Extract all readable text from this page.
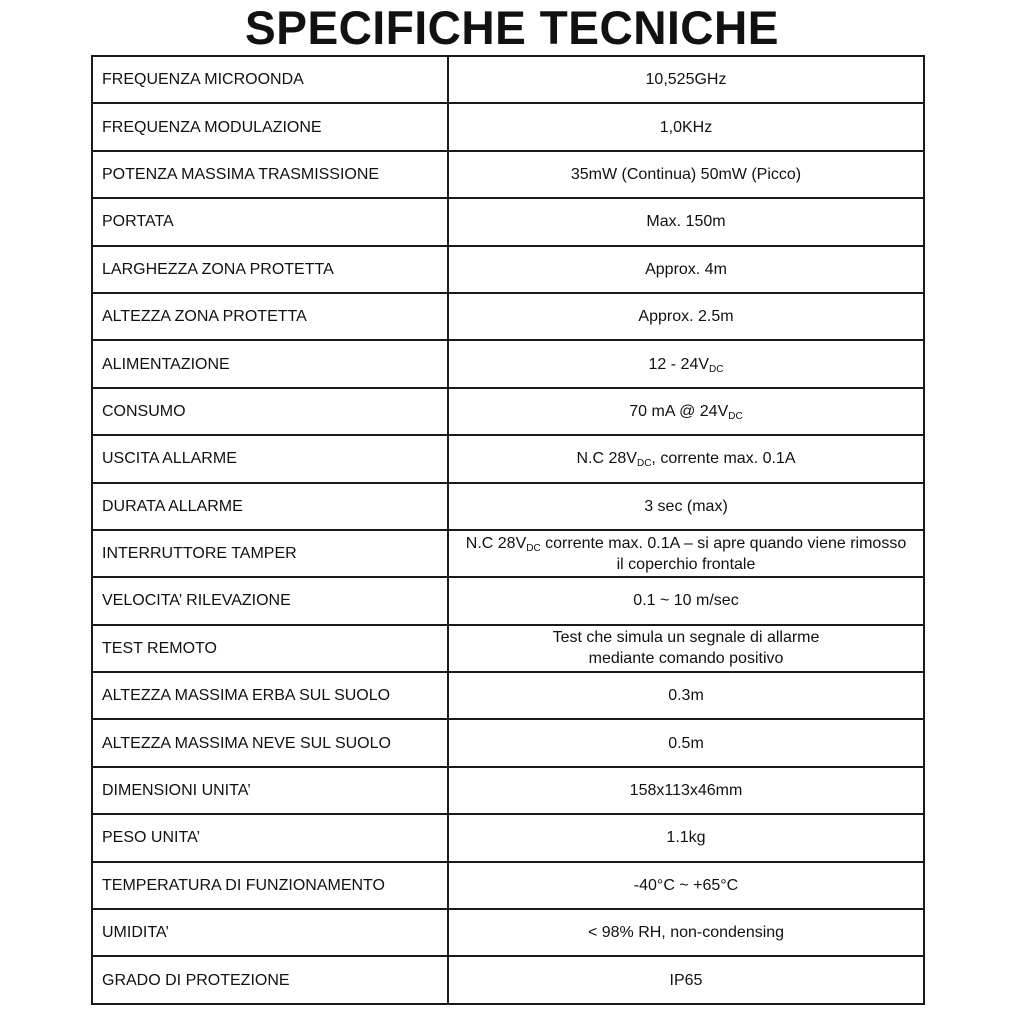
SPECIFICHE TECNICHE
FREQUENZA MICROONDA	10,525GHz
FREQUENZA MODULAZIONE	1,0KHz
POTENZA MASSIMA TRASMISSIONE	35mW (Continua) 50mW (Picco)
PORTATA	Max. 150m
LARGHEZZA ZONA PROTETTA	Approx. 4m
ALTEZZA ZONA PROTETTA	Approx. 2.5m
ALIMENTAZIONE	$12 - 24V_{DC}$
CONSUMO	70 mA @ $24V_{DC}$
USCITA ALLARME	N.C $28V_{DC}$, corrente max. 0.1A
DURATA ALLARME	3 sec (max)
INTERRUTTORE TAMPER	N.C $28V_{DC}$ corrente max. 0.1A – si apre quando viene rimosso
il coperchio frontale

VELOCITA’ RILEVAZIONE	0.1 ~ 10 m/sec
TEST REMOTO	Test che simula un segnale di allarme
mediante comando positivo

ALTEZZA MASSIMA ERBA SUL SUOLO	0.3m
ALTEZZA MASSIMA NEVE SUL SUOLO	0.5m
DIMENSIONI UNITA’	158x113x46mm
PESO UNITA’	1.1kg
TEMPERATURA DI FUNZIONAMENTO	-40°C ~ +65°C
UMIDITA’	< 98% RH, non-condensing
GRADO DI PROTEZIONE	IP65
